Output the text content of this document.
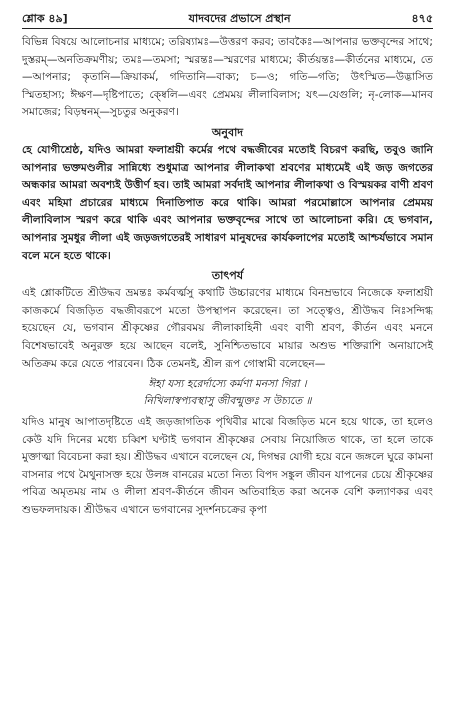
শ্লোক ৪৯]	যাদবদের প্রভাসে প্রস্থান	৪৭৫

বিভিন্ন বিষয়ে আলোচনার মাধ্যমে; তরিষ্যামঃ—উত্তরণ করব; তাবকৈঃ—আপনার ভক্তবৃন্দের সাথে; দুস্তরম্—অনতিক্রমণীয়; তমঃ—তমসা; স্মরন্তঃ—স্মরণের মাধ্যমে; কীর্তয়ন্তঃ—কীর্তনের মাধ্যমে, তে—আপনার; কৃতানি—ক্রিয়াকর্ম, গদিতানি—বাক্য; চ—ও; গতি—গতি; উৎস্মিত—উদ্ভাসিত স্মিতহাস্য; ঈক্ষণ—দৃষ্টিপাতে; ক্ষ্বেলি—এবং প্রেমময় লীলাবিলাস; যৎ—যেগুলি; নৃ-লোক—মানব সমাজের; বিড়ম্বনম্—সুচতুর অনুকরণ।

অনুবাদ

হে যোগীশ্রেষ্ঠ, যদিও আমরা ফলাশ্রয়ী কর্মের পথে বদ্ধজীবের মতোই বিচরণ করছি, তবুও জানি আপনার ভক্তমণ্ডলীর সান্নিধ্যে শুধুমাত্র আপনার লীলাকথা শ্রবণের মাধ্যমেই এই জড় জগতের অন্ধকার আমরা অবশ্যই উত্তীর্ণ হব। তাই আমরা সর্বদাই আপনার লীলাকথা ও বিস্ময়কর বাণী শ্রবণ এবং মহিমা প্রচারের মাধ্যমে দিনাতিপাত করে থাকি। আমরা পরমোল্লাসে আপনার প্রেমময় লীলাবিলাস স্মরণ করে থাকি এবং আপনার ভক্তবৃন্দের সাথে তা আলোচনা করি। হে ভগবান, আপনার সুমধুর লীলা এই জড়জগতেরই সাধারণ মানুষদের কার্যকলাপের মতোই আশ্চর্যভাবে সমান বলে মনে হতে থাকে।

তাৎপর্য

এই শ্লোকটিতে শ্রীউদ্ধব ভ্রমন্তঃ কর্মবর্ত্মসু কথাটি উচ্চারণের মাধ্যমে বিনম্রভাবে নিজেকে ফলাশ্রয়ী কাজকর্মে বিজড়িত বদ্ধজীবরূপে মতো উপস্থাপন করেছেন। তা সত্ত্বেও, শ্রীউদ্ধব নিঃসন্দিগ্ধ হয়েছেন যে, ভগবান শ্রীকৃষ্ণের গৌরবময় লীলাকাহিনী এবং বাণী শ্রবণ, কীর্তন এবং মননে বিশেষভাবেই অনুরক্ত হয়ে আছেন বলেই, সুনিশ্চিতভাবে মায়ার অশুভ শক্তিরাশি অনায়াসেই অতিক্রম করে যেতে পারবেন। ঠিক তেমনই, শ্রীল রূপ গোস্বামী বলেছেন—

ঈহা যস্য হরের্দাস্যে কর্মণা মনসা গিরা ।
নিখিলাস্বপ্যবস্থাসু জীবন্মুক্তঃ স উচ্যতে ॥

যদিও মানুষ আপাতদৃষ্টিতে এই জড়জাগতিক পৃথিবীর মাঝে বিজড়িত মনে হয়ে থাকে, তা হলেও কেউ যদি দিনের মধ্যে চব্বিশ ঘণ্টাই ভগবান শ্রীকৃষ্ণের সেবায় নিয়োজিত থাকে, তা হলে তাকে মুক্তাত্মা বিবেচনা করা হয়। শ্রীউদ্ধব এখানে বলেছেন যে, দিগম্বর যোগী হয়ে বনে জঙ্গলে ঘুরে কামনা বাসনার পথে মৈথুনাসক্ত হয়ে উলঙ্গ বানরের মতো নিত্য বিপদ সঙ্কুল জীবন যাপনের চেয়ে শ্রীকৃষ্ণের পবিত্র অমৃতময় নাম ও লীলা শ্রবণ-কীর্তনে জীবন অতিবাহিত করা অনেক বেশি কল্যাণকর এবং শুভফলদায়ক। শ্রীউদ্ধব এখানে ভগবানের সুদর্শনচক্রের কৃপা
